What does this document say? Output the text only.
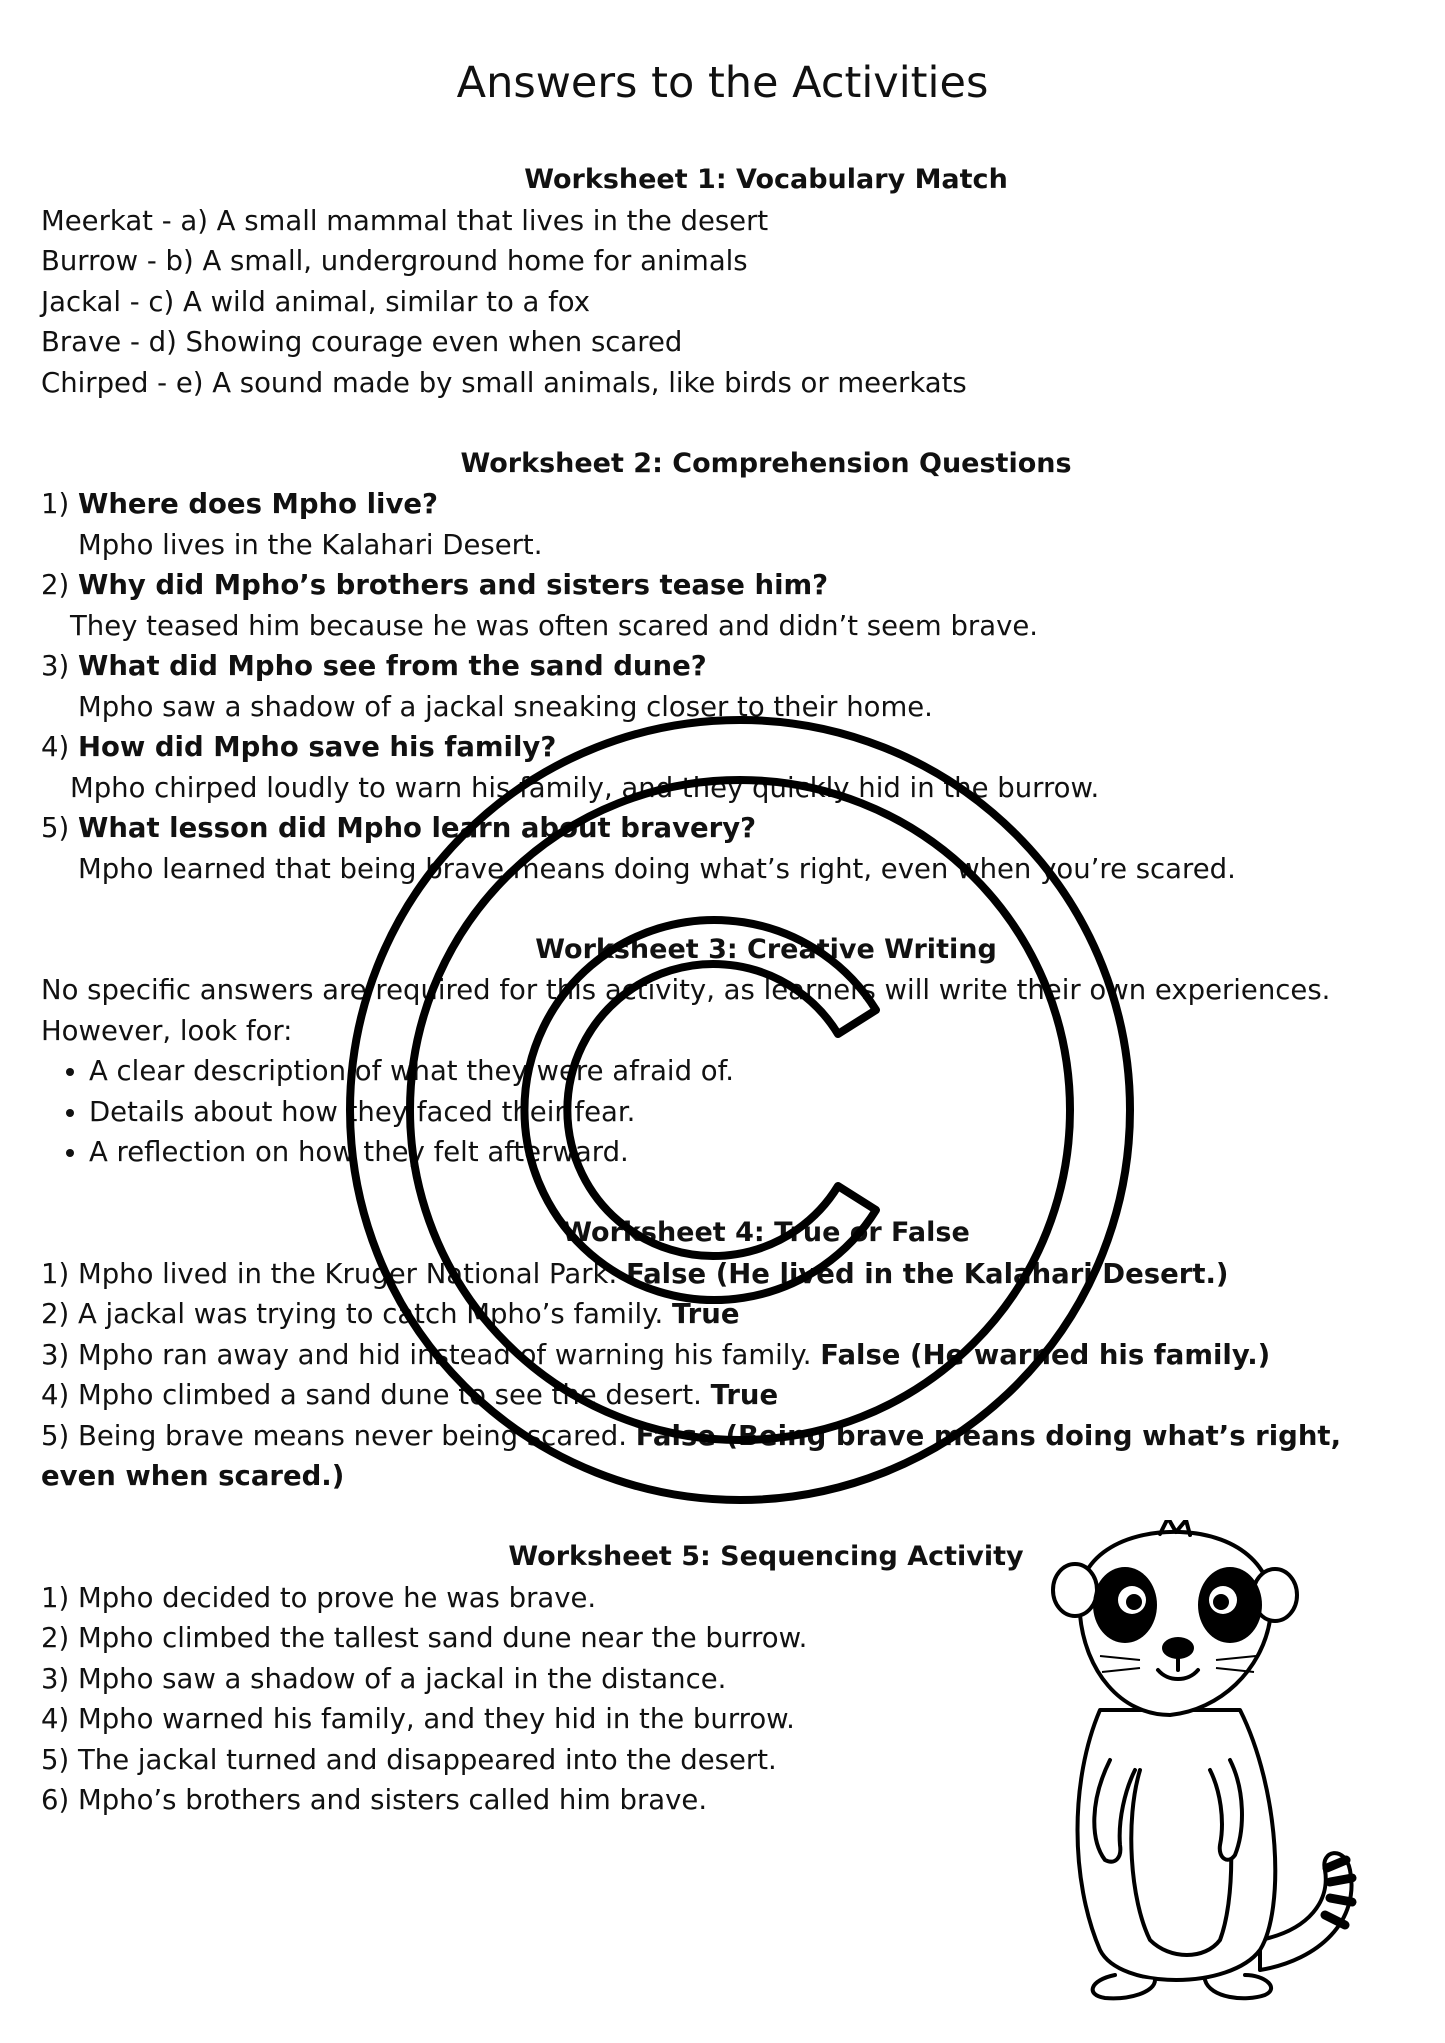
Answers to the Activities

Worksheet 1: Vocabulary Match

Meerkat - a) A small mammal that lives in the desert

Burrow - b) A small, underground home for animals

Jackal - c) A wild animal, similar to a fox

Brave - d) Showing courage even when scared

Chirped - e) A sound made by small animals, like birds or meerkats

Worksheet 2: Comprehension Questions

1) Where does Mpho live?

Mpho lives in the Kalahari Desert.

2) Why did Mpho’s brothers and sisters tease him?

They teased him because he was often scared and didn’t seem brave.

3) What did Mpho see from the sand dune?

Mpho saw a shadow of a jackal sneaking closer to their home.

4) How did Mpho save his family?

Mpho chirped loudly to warn his family, and they quickly hid in the burrow.

5) What lesson did Mpho learn about bravery?

Mpho learned that being brave means doing what’s right, even when you’re scared.

Worksheet 3: Creative Writing

No specific answers are required for this activity, as learners will write their own experiences.

However, look for:

• A clear description of what they were afraid of.
• Details about how they faced their fear.
• A reflection on how they felt afterward.

Worksheet 4: True or False

1) Mpho lived in the Kruger National Park. False (He lived in the Kalahari Desert.)

2) A jackal was trying to catch Mpho’s family. True

3) Mpho ran away and hid instead of warning his family. False (He warned his family.)

4) Mpho climbed a sand dune to see the desert. True

5) Being brave means never being scared. False (Being brave means doing what’s right, even when scared.)

Worksheet 5: Sequencing Activity

1) Mpho decided to prove he was brave.

2) Mpho climbed the tallest sand dune near the burrow.

3) Mpho saw a shadow of a jackal in the distance.

4) Mpho warned his family, and they hid in the burrow.

5) The jackal turned and disappeared into the desert.

6) Mpho’s brothers and sisters called him brave.
